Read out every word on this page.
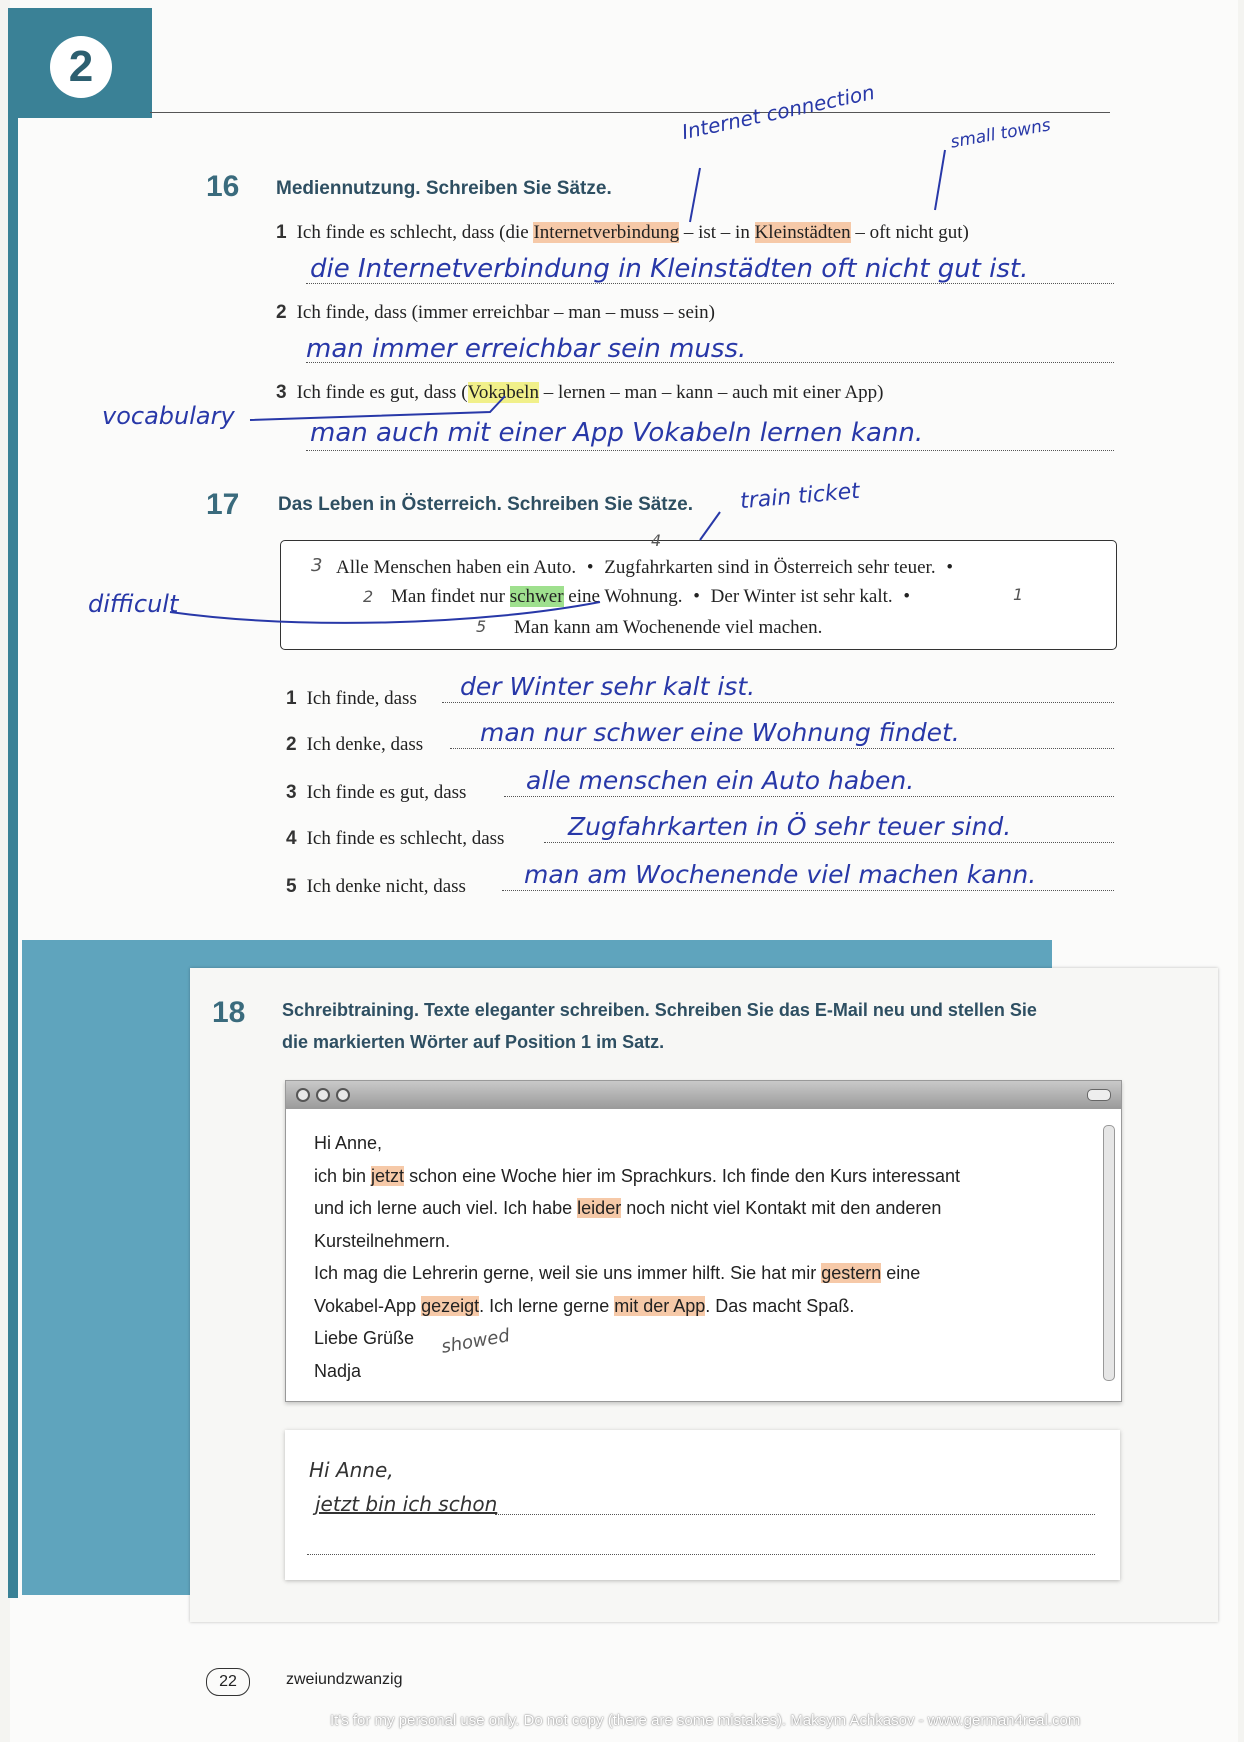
2
16 Mediennutzung. Schreiben Sie Sätze.
1 Ich finde es schlecht, dass (die Internetverbindung – ist – in Kleinstädten – oft nicht gut)
die Internetverbindung in Kleinstädten oft nicht gut ist.
2 Ich finde, dass (immer erreichbar – man – muss – sein)
man immer erreichbar sein muss.
3 Ich finde es gut, dass (Vokabeln – lernen – man – kann – auch mit einer App)
man auch mit einer App Vokabeln lernen kann.
Internet connection	small towns
vocabulary
17 Das Leben in Österreich. Schreiben Sie Sätze. train ticket
Alle Menschen haben ein Auto. • Zugfahrkarten sind in Österreich sehr teuer. •
Man findet nur schwer eine Wohnung. • Der Winter ist sehr kalt. •
Man kann am Wochenende viel machen.
3
4
2	1
5
difficult
1 Ich finde, dass der Winter sehr kalt ist.
2 Ich denke, dass man nur schwer eine Wohnung findet.
3 Ich finde es gut, dass alle menschen ein Auto haben.
4 Ich finde es schlecht, dass	Zugfahrkarten in Ö sehr teuer sind.
5 Ich denke nicht, dass man am Wochenende viel machen kann.
18 Schreibtraining. Texte eleganter schreiben. Schreiben Sie das E-Mail neu und stellen Sie
die markierten Wörter auf Position 1 im Satz.
Hi Anne,
ich bin jetzt schon eine Woche hier im Sprachkurs. Ich finde den Kurs interessant
und ich lerne auch viel. Ich habe leider noch nicht viel Kontakt mit den anderen
Kursteilnehmern.
Ich mag die Lehrerin gerne, weil sie uns immer hilft. Sie hat mir gestern eine
Vokabel-App gezeigt. Ich lerne gerne mit der App. Das macht Spaß.
Liebe Grüße
Nadja
showed
Hi Anne,
jetzt bin ich schon
22	zweiundzwanzig
It's for my personal use only. Do not copy (there are some mistakes). Maksym Achkasov - www.german4real.com
